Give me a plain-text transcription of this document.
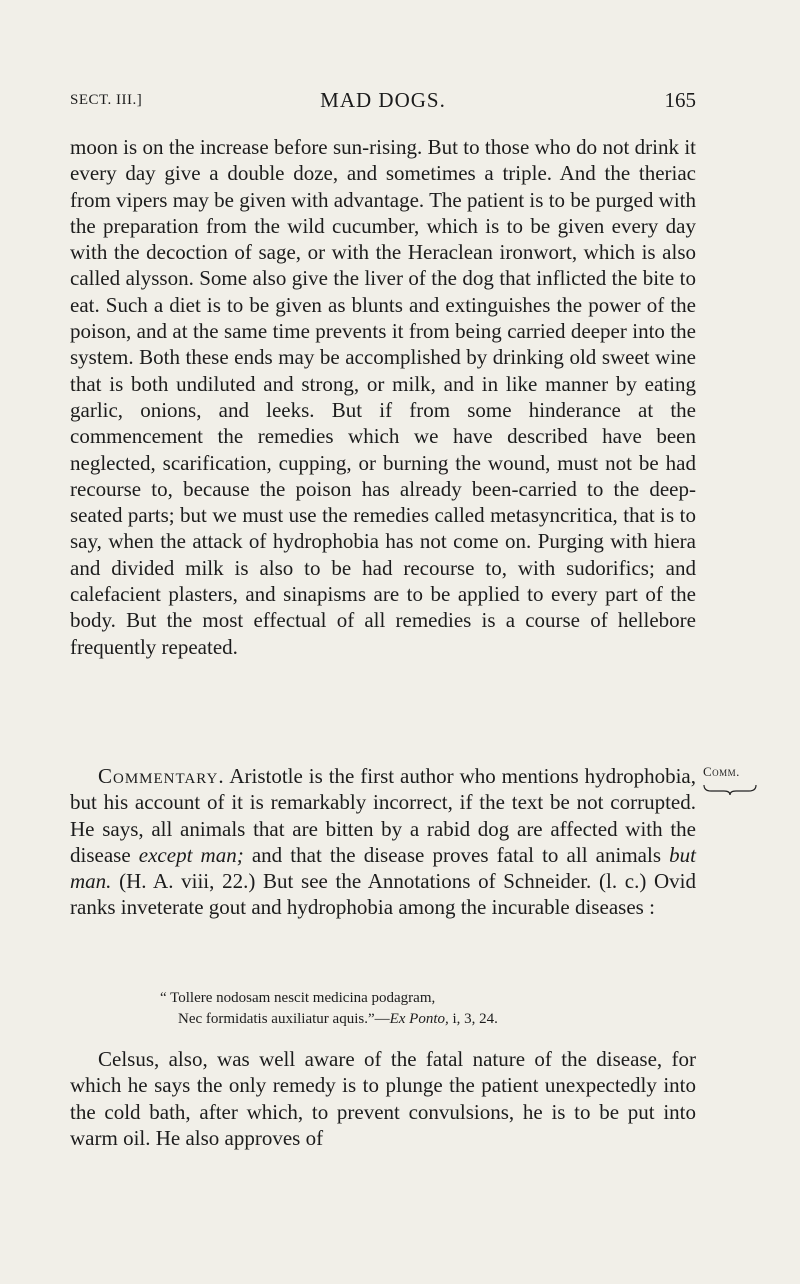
SECT. III.]	MAD DOGS.	165
moon is on the increase before sun-rising. But to those who do not drink it every day give a double doze, and sometimes a triple. And the theriac from vipers may be given with advantage. The patient is to be purged with the preparation from the wild cucumber, which is to be given every day with the decoction of sage, or with the Heraclean ironwort, which is also called alysson. Some also give the liver of the dog that inflicted the bite to eat. Such a diet is to be given as blunts and extinguishes the power of the poison, and at the same time prevents it from being carried deeper into the system. Both these ends may be accomplished by drinking old sweet wine that is both undiluted and strong, or milk, and in like manner by eating garlic, onions, and leeks. But if from some hinderance at the commencement the remedies which we have described have been neglected, scarification, cupping, or burning the wound, must not be had recourse to, because the poison has already been-carried to the deep-seated parts; but we must use the remedies called metasyncritica, that is to say, when the attack of hydrophobia has not come on. Purging with hiera and divided milk is also to be had recourse to, with sudorifics; and calefacient plasters, and sinapisms are to be applied to every part of the body. But the most effectual of all remedies is a course of hellebore frequently repeated.
Commentary. Aristotle is the first author who mentions hydrophobia, but his account of it is remarkably incorrect, if the text be not corrupted. He says, all animals that are bitten by a rabid dog are affected with the disease except man; and that the disease proves fatal to all animals but man. (H. A. viii, 22.) But see the Annotations of Schneider. (l. c.) Ovid ranks inveterate gout and hydrophobia among the incurable diseases :
“ Tollere nodosam nescit medicina podagram,
Nec formidatis auxiliatur aquis.”—Ex Ponto, i, 3, 24.
Celsus, also, was well aware of the fatal nature of the disease, for which he says the only remedy is to plunge the patient unexpectedly into the cold bath, after which, to prevent convulsions, he is to be put into warm oil. He also approves of
Comm.
